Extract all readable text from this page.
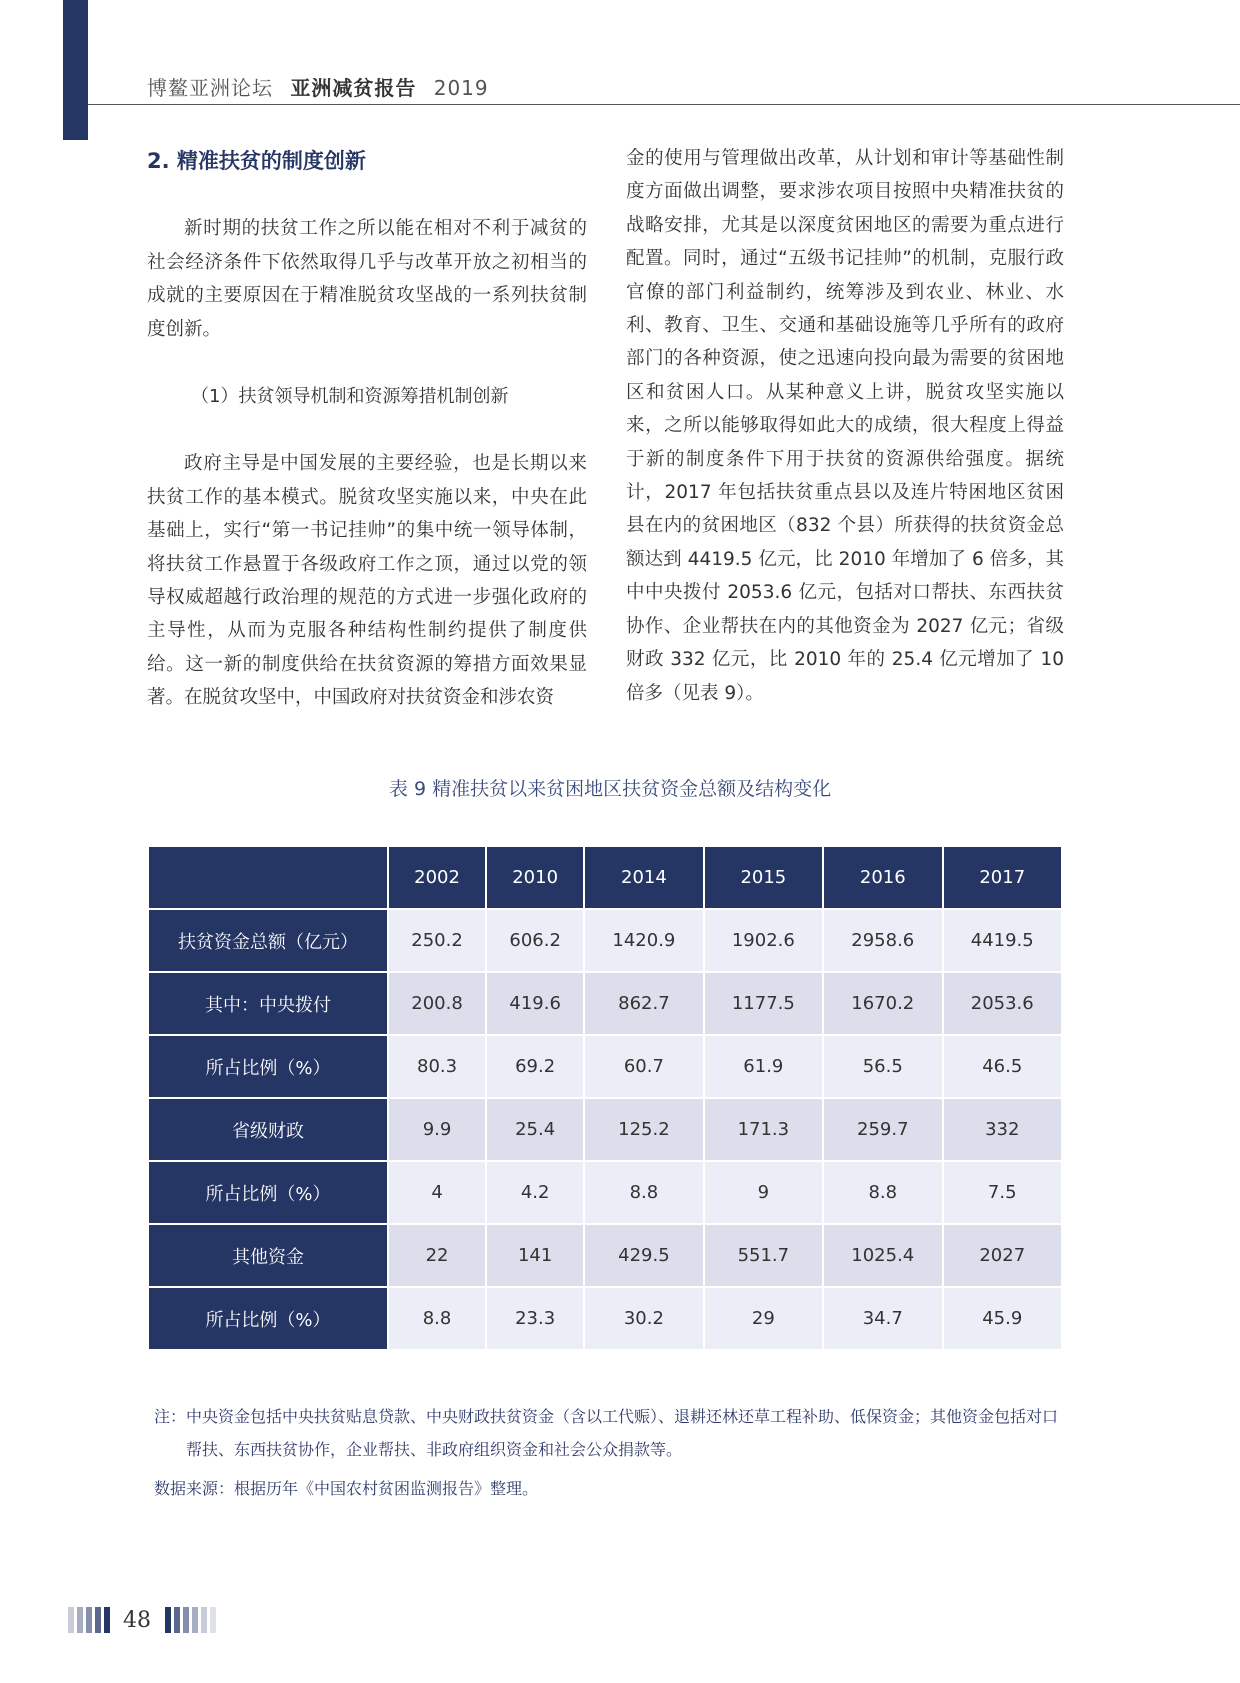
博鳌亚洲论坛 亚洲减贫报告 2019

2. 精准扶贫的制度创新

新时期的扶贫工作之所以能在相对不利于减贫的社会经济条件下依然取得几乎与改革开放之初相当的成就的主要原因在于精准脱贫攻坚战的一系列扶贫制度创新。

（1）扶贫领导机制和资源筹措机制创新

政府主导是中国发展的主要经验，也是长期以来扶贫工作的基本模式。脱贫攻坚实施以来，中央在此基础上，实行“第一书记挂帅”的集中统一领导体制，将扶贫工作悬置于各级政府工作之顶，通过以党的领导权威超越行政治理的规范的方式进一步强化政府的主导性，从而为克服各种结构性制约提供了制度供给。这一新的制度供给在扶贫资源的筹措方面效果显著。在脱贫攻坚中，中国政府对扶贫资金和涉农资

金的使用与管理做出改革，从计划和审计等基础性制度方面做出调整，要求涉农项目按照中央精准扶贫的战略安排，尤其是以深度贫困地区的需要为重点进行配置。同时，通过“五级书记挂帅”的机制，克服行政官僚的部门利益制约，统筹涉及到农业、林业、水利、教育、卫生、交通和基础设施等几乎所有的政府部门的各种资源，使之迅速向投向最为需要的贫困地区和贫困人口。从某种意义上讲，脱贫攻坚实施以来，之所以能够取得如此大的成绩，很大程度上得益于新的制度条件下用于扶贫的资源供给强度。据统计，2017 年包括扶贫重点县以及连片特困地区贫困县在内的贫困地区（832 个县）所获得的扶贫资金总额达到 4419.5 亿元，比 2010 年增加了 6 倍多，其中中央拨付 2053.6 亿元，包括对口帮扶、东西扶贫协作、企业帮扶在内的其他资金为 2027 亿元；省级财政 332 亿元，比 2010 年的 25.4 亿元增加了 10 倍多（见表 9）。

表 9 精准扶贫以来贫困地区扶贫资金总额及结构变化
	2002	2010	2014	2015	2016	2017
扶贫资金总额（亿元）	250.2	606.2	1420.9	1902.6	2958.6	4419.5
其中：中央拨付	200.8	419.6	862.7	1177.5	1670.2	2053.6
所占比例（%）	80.3	69.2	60.7	61.9	56.5	46.5
省级财政	9.9	25.4	125.2	171.3	259.7	332
所占比例（%）	4	4.2	8.8	9	8.8	7.5
其他资金	22	141	429.5	551.7	1025.4	2027
所占比例（%）	8.8	23.3	30.2	29	34.7	45.9

注：中央资金包括中央扶贫贴息贷款、中央财政扶贫资金（含以工代赈）、退耕还林还草工程补助、低保资金；其他资金包括对口帮扶、东西扶贫协作，企业帮扶、非政府组织资金和社会公众捐款等。

数据来源：根据历年《中国农村贫困监测报告》整理。

48
